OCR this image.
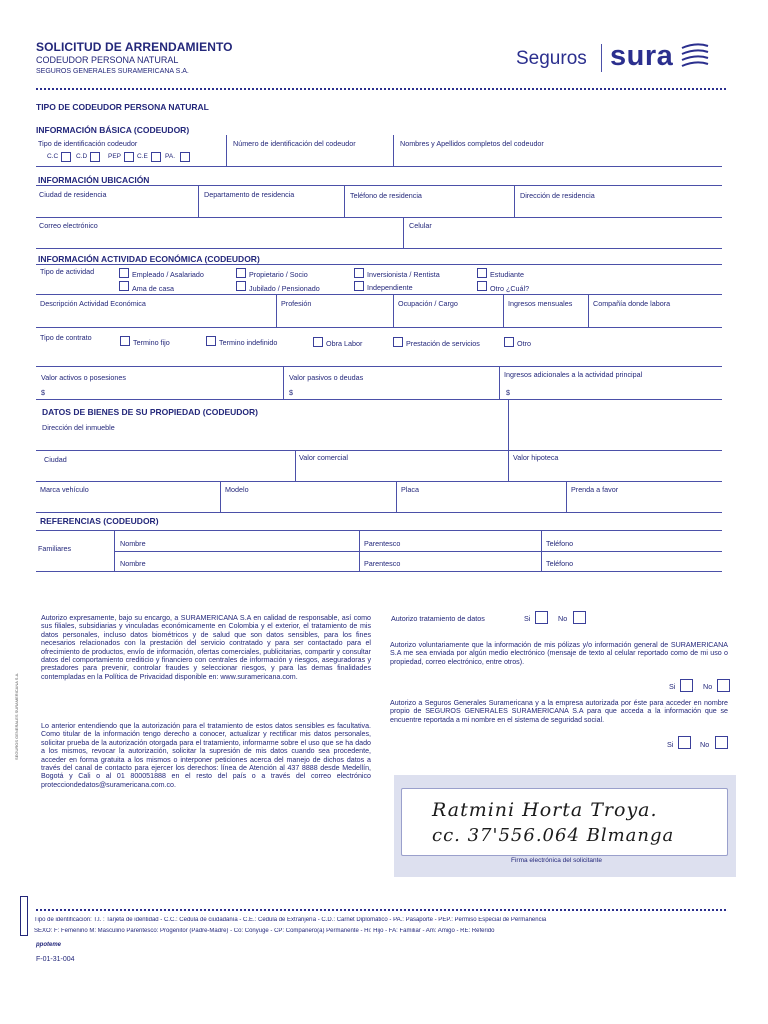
SOLICITUD DE ARRENDAMIENTO
CODEUDOR PERSONA NATURAL
SEGUROS GENERALES SURAMERICANA S.A.
Seguros sura
TIPO DE CODEUDOR PERSONA NATURAL
INFORMACIÓN BÁSICA (CODEUDOR)
Tipo de identificación codeudor	Número de identificación del codeudor	Nombres y Apellidos completos del codeudor
C.C	C.D	PEP C.E	PA.
INFORMACIÓN UBICACIÓN
Ciudad de residencia	Departamento de residencia	Teléfono de residencia	Dirección de residencia
Correo electrónico	Celular
INFORMACIÓN ACTIVIDAD ECONÓMICA (CODEUDOR)
Tipo de actividad	Empleado / Asalariado	Propietario / Socio	Inversionista / Rentista	Estudiante
Ama de casa	Jubilado / Pensionado	Independiente	Otro ¿Cuál?
Descripción Actividad Económica	Profesión	Ocupación / Cargo	Ingresos mensuales	Compañía donde labora
Tipo de contrato
Termino fijo	Termino indefinido	Obra Labor	Prestación de servicios	Otro
Valor activos o posesiones	Valor pasivos o deudas	Ingresos adicionales a la actividad principal
$	$	$
DATOS DE BIENES DE SU PROPIEDAD (CODEUDOR)
Dirección del inmueble
Ciudad	Valor comercial	Valor hipoteca
Marca vehículo	Modelo	Placa	Prenda a favor
REFERENCIAS (CODEUDOR)
Familiares
Nombre	Parentesco	Teléfono
Nombre	Parentesco	Teléfono
Autorizo expresamente, bajo su encargo, a SURAMERICANA S.A en calidad de responsable, así como sus filiales, subsidiarias y vinculadas económicamente en Colombia y el exterior, el tratamiento de mis datos personales, incluso datos biométricos y de salud que son datos sensibles, para los fines necesarios relacionados con la prestación del servicio contratado y para ser contactado para el ofrecimiento de productos, envío de información, ofertas comerciales, publicitarias, compartir y consultar datos del comportamiento crediticio y financiero con centrales de información y riesgos, aseguradoras y prestadores para prevenir, controlar fraudes y seleccionar riesgos, y para las demas finalidades contempladas en la Política de Privacidad disponible en: www.suramericana.com.
Lo anterior entendiendo que la autorización para el tratamiento de estos datos sensibles es facultativa. Como titular de la información tengo derecho a conocer, actualizar y rectificar mis datos personales, solicitar prueba de la autorización otorgada para el tratamiento, informarme sobre el uso que se ha dado a los mismos, revocar la autorización, solicitar la supresión de mis datos cuando sea procedente, acceder en forma gratuita a los mismos o interponer peticiones acerca del manejo de dichos datos a través del canal de contacto para ejercer los derechos: línea de Atención al 437 8888 desde Medellín, Bogotá y Cali o al 01 800051888 en el resto del país o a través del correo electrónico protecciondedatos@suramericana.com.co.
SEGUROS GENERALES SURAMERICANA S.A.
Autorizo tratamiento de datos	Si	No
Autorizo voluntariamente que la información de mis pólizas y/o información general de SURAMERICANA S.A me sea enviada por algún medio electrónico (mensaje de texto al celular reportado como de mi uso o propiedad, correo electrónico, entre otros).
Si	No
Autorizo a Seguros Generales Suramericana y a la empresa autorizada por éste para acceder en nombre propio de SEGUROS GENERALES SURAMERICANA S.A para que acceda a la información que se encuentre reportada a mi nombre en el sistema de seguridad social.
Si	No
Ratmini Horta Troya.
cc. 37'556.064 Blmanga
Firma electrónica del solicitante
Tipo de identificación: T.I. : Tarjeta de identidad - C.C.: Cedula de ciudadanía - C.E.: Cedula de Extranjería - C.D.: Carnet Diplomático - PA.: Pasaporte - PEP.: Permiso Especial de Permanencia
SEXO: F: Femenino M: Masculino Parentesco: Progenitor (Padre-Madre) - Co: Cónyuge - CP: Compañero(a) Permanente - Hi: Hijo - FA: Familiar - Am: Amigo - RE: Referido
ppoteme
F-01-31-004
